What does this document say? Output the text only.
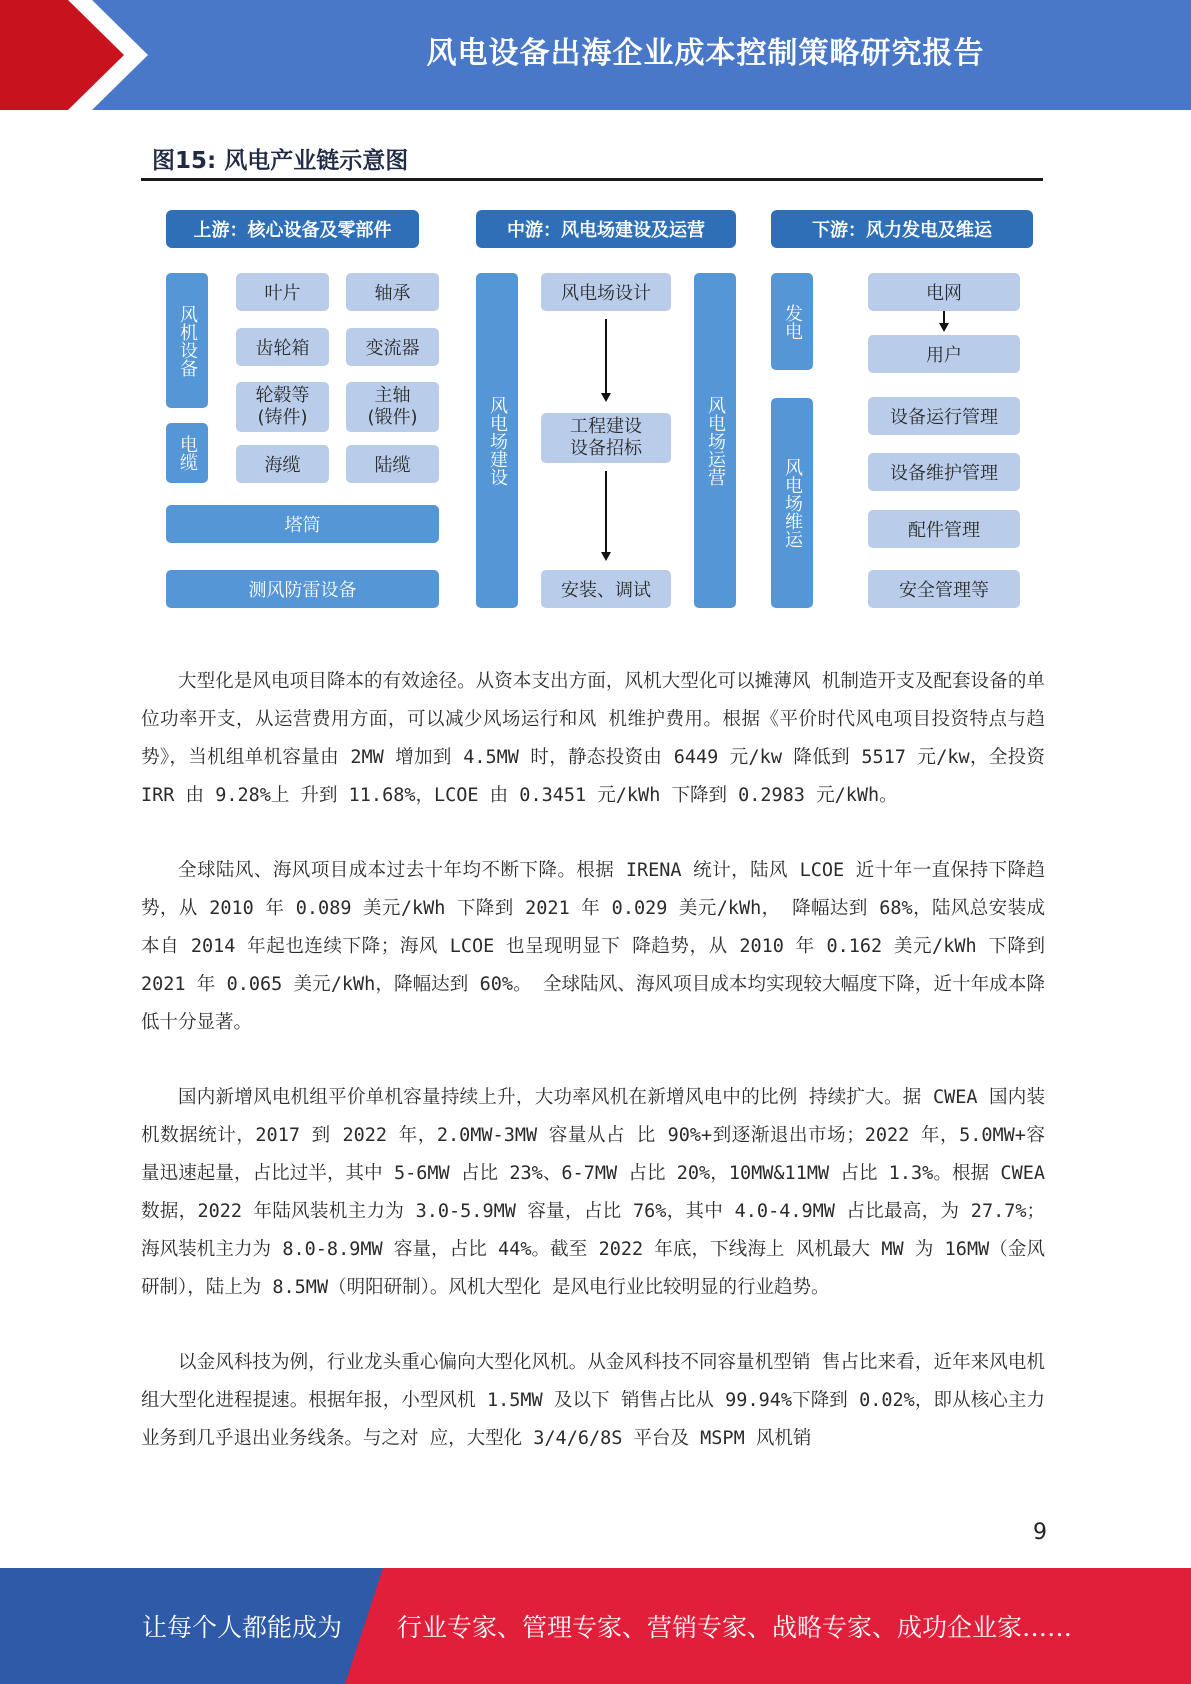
风电设备出海企业成本控制策略研究报告
图15: 风电产业链示意图
上游：核心设备及零部件
风机设备
电缆
叶片	轴承
齿轮箱	变流器
轮毂等
(铸件)
主轴
(锻件)
海缆	陆缆
塔筒
测风防雷设备
中游：风电场建设及运营
风电场建设	风电场运营
风电场设计
工程建设
设备招标
安装、调试
下游：风力发电及维运
发电
风电场维运
电网
用户
设备运行管理
设备维护管理
配件管理
安全管理等

大型化是风电项目降本的有效途径。从资本支出方面，风机大型化可以摊薄风 机制造开支及配套设备的单位功率开支，从运营费用方面，可以减少风场运行和风 机维护费用。根据《平价时代风电项目投资特点与趋势》，当机组单机容量由 2MW 增加到 4.5MW 时，静态投资由 6449 元/kw 降低到 5517 元/kw，全投资 IRR 由 9.28%上 升到 11.68%，LCOE 由 0.3451 元/kWh 下降到 0.2983 元/kWh。

全球陆风、海风项目成本过去十年均不断下降。根据 IRENA 统计，陆风 LCOE 近十年一直保持下降趋势，从 2010 年 0.089 美元/kWh 下降到 2021 年 0.029 美元/kWh， 降幅达到 68%，陆风总安装成本自 2014 年起也连续下降；海风 LCOE 也呈现明显下 降趋势，从 2010 年 0.162 美元/kWh 下降到 2021 年 0.065 美元/kWh，降幅达到 60%。 全球陆风、海风项目成本均实现较大幅度下降，近十年成本降低十分显著。

国内新增风电机组平价单机容量持续上升，大功率风机在新增风电中的比例 持续扩大。据 CWEA 国内装机数据统计，2017 到 2022 年，2.0MW-3MW 容量从占 比 90%+到逐渐退出市场；2022 年，5.0MW+容量迅速起量，占比过半，其中 5-6MW 占比 23%、6-7MW 占比 20%，10MW&11MW 占比 1.3%。根据 CWEA 数据，2022 年陆风装机主力为 3.0-5.9MW 容量，占比 76%，其中 4.0-4.9MW 占比最高，为 27.7%；海风装机主力为 8.0-8.9MW 容量，占比 44%。截至 2022 年底，下线海上 风机最大 MW 为 16MW（金风研制），陆上为 8.5MW（明阳研制）。风机大型化 是风电行业比较明显的行业趋势。

以金风科技为例，行业龙头重心偏向大型化风机。从金风科技不同容量机型销 售占比来看，近年来风电机组大型化进程提速。根据年报，小型风机 1.5MW 及以下 销售占比从 99.94%下降到 0.02%，即从核心主力业务到几乎退出业务线条。与之对 应，大型化 3/4/6/8S 平台及 MSPM 风机销

9
让每个人都能成为 行业专家、管理专家、营销专家、战略专家、成功企业家……
